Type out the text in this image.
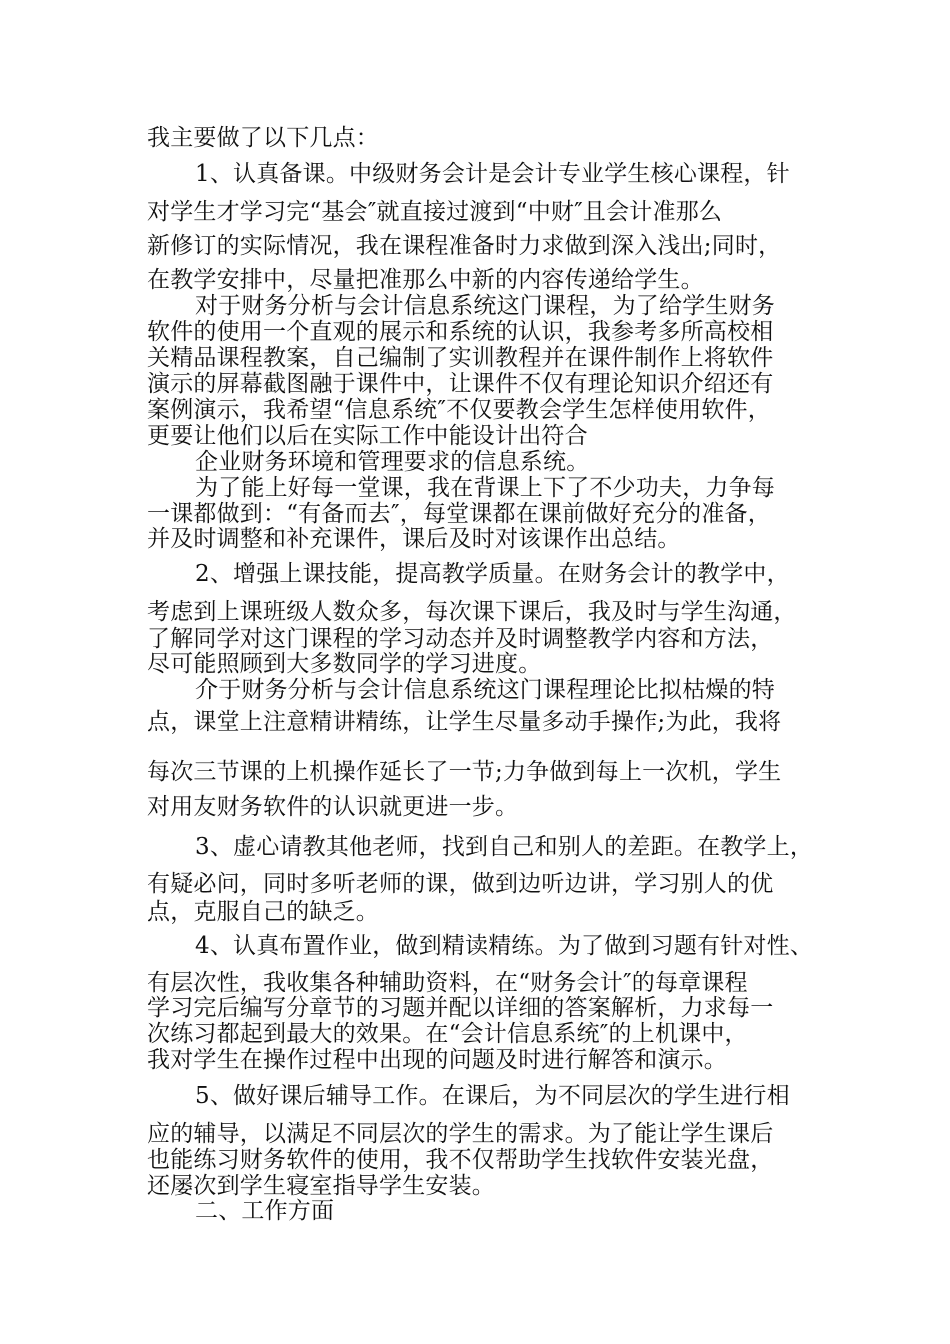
我主要做了以下几点：
1、认真备课。中级财务会计是会计专业学生核心课程，针
对学生才学习完“基会″就直接过渡到“中财″且会计准那么
新修订的实际情况，我在课程准备时力求做到深入浅出;同时，
在教学安排中，尽量把准那么中新的内容传递给学生。
对于财务分析与会计信息系统这门课程，为了给学生财务
软件的使用一个直观的展示和系统的认识，我参考多所高校相
关精品课程教案，自己编制了实训教程并在课件制作上将软件
演示的屏幕截图融于课件中，让课件不仅有理论知识介绍还有
案例演示，我希望“信息系统″不仅要教会学生怎样使用软件，
更要让他们以后在实际工作中能设计出符合
企业财务环境和管理要求的信息系统。
为了能上好每一堂课，我在背课上下了不少功夫，力争每
一课都做到：“有备而去″，每堂课都在课前做好充分的准备，
并及时调整和补充课件，课后及时对该课作出总结。
2、增强上课技能，提高教学质量。在财务会计的教学中，
考虑到上课班级人数众多，每次课下课后，我及时与学生沟通，
了解同学对这门课程的学习动态并及时调整教学内容和方法，
尽可能照顾到大多数同学的学习进度。
介于财务分析与会计信息系统这门课程理论比拟枯燥的特
点，课堂上注意精讲精练，让学生尽量多动手操作;为此，我将
每次三节课的上机操作延长了一节;力争做到每上一次机，学生
对用友财务软件的认识就更进一步。
3、虚心请教其他老师，找到自己和别人的差距。在教学上，
有疑必问，同时多听老师的课，做到边听边讲，学习别人的优
点，克服自己的缺乏。
4、认真布置作业，做到精读精练。为了做到习题有针对性、
有层次性，我收集各种辅助资料，在“财务会计″的每章课程
学习完后编写分章节的习题并配以详细的答案解析，力求每一
次练习都起到最大的效果。在“会计信息系统″的上机课中，
我对学生在操作过程中出现的问题及时进行解答和演示。
5、做好课后辅导工作。在课后，为不同层次的学生进行相
应的辅导，以满足不同层次的学生的需求。为了能让学生课后
也能练习财务软件的使用，我不仅帮助学生找软件安装光盘，
还屡次到学生寝室指导学生安装。
二、工作方面
